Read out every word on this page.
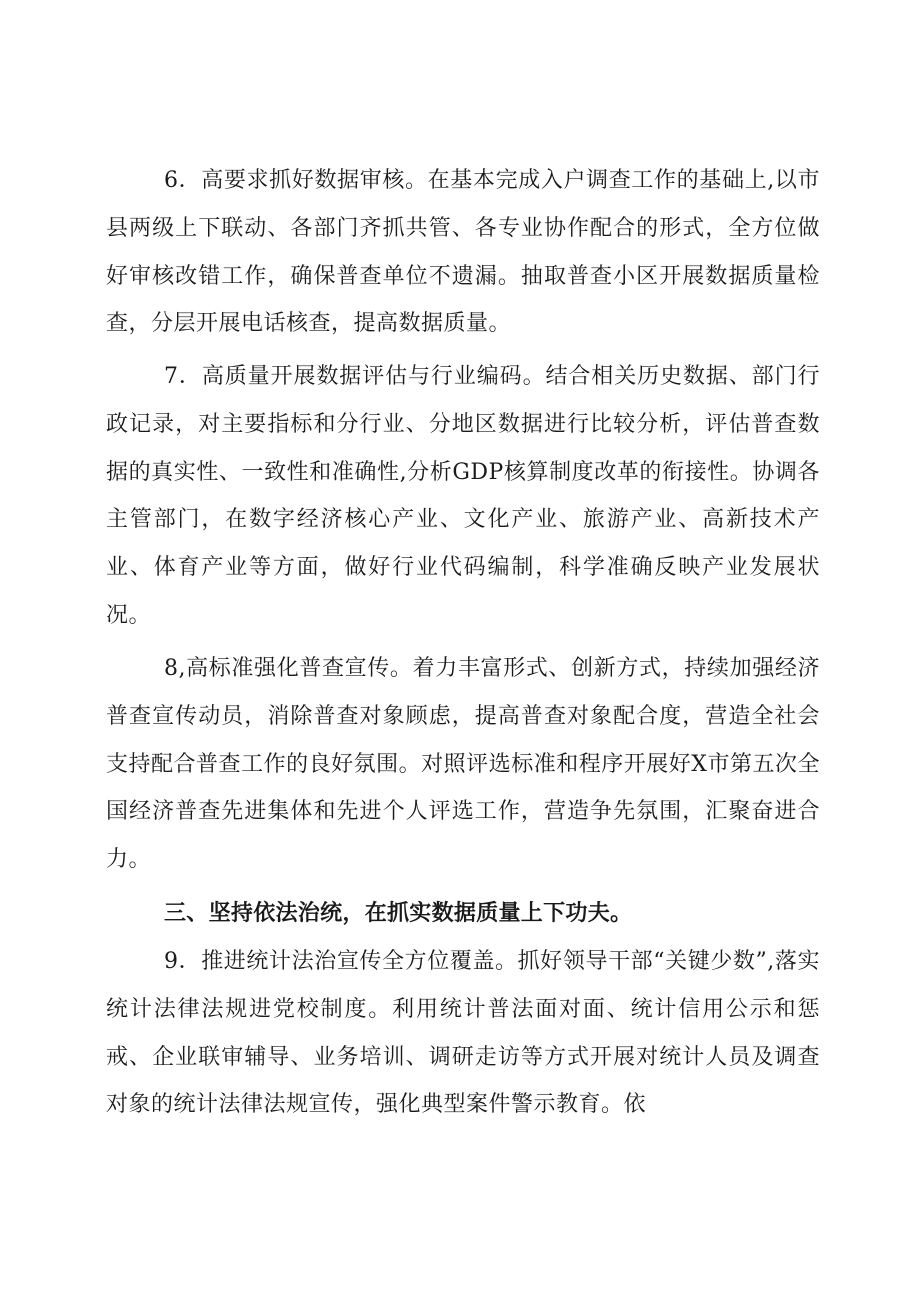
6．高要求抓好数据审核。在基本完成入户调查工作的基础上,以市县两级上下联动、各部门齐抓共管、各专业协作配合的形式，全方位做好审核改错工作，确保普查单位不遗漏。抽取普查小区开展数据质量检查，分层开展电话核查，提高数据质量。

7．高质量开展数据评估与行业编码。结合相关历史数据、部门行政记录，对主要指标和分行业、分地区数据进行比较分析，评估普查数据的真实性、一致性和准确性,分析GDP核算制度改革的衔接性。协调各主管部门，在数字经济核心产业、文化产业、旅游产业、高新技术产业、体育产业等方面，做好行业代码编制，科学准确反映产业发展状况。

8,高标准强化普查宣传。着力丰富形式、创新方式，持续加强经济普查宣传动员，消除普查对象顾虑，提高普查对象配合度，营造全社会支持配合普查工作的良好氛围。对照评选标准和程序开展好X市第五次全国经济普查先进集体和先进个人评选工作，营造争先氛围，汇聚奋进合力。

三、坚持依法治统，在抓实数据质量上下功夫。

9．推进统计法治宣传全方位覆盖。抓好领导干部“关键少数”,落实统计法律法规进党校制度。利用统计普法面对面、统计信用公示和惩戒、企业联审辅导、业务培训、调研走访等方式开展对统计人员及调查对象的统计法律法规宣传，强化典型案件警示教育。依
